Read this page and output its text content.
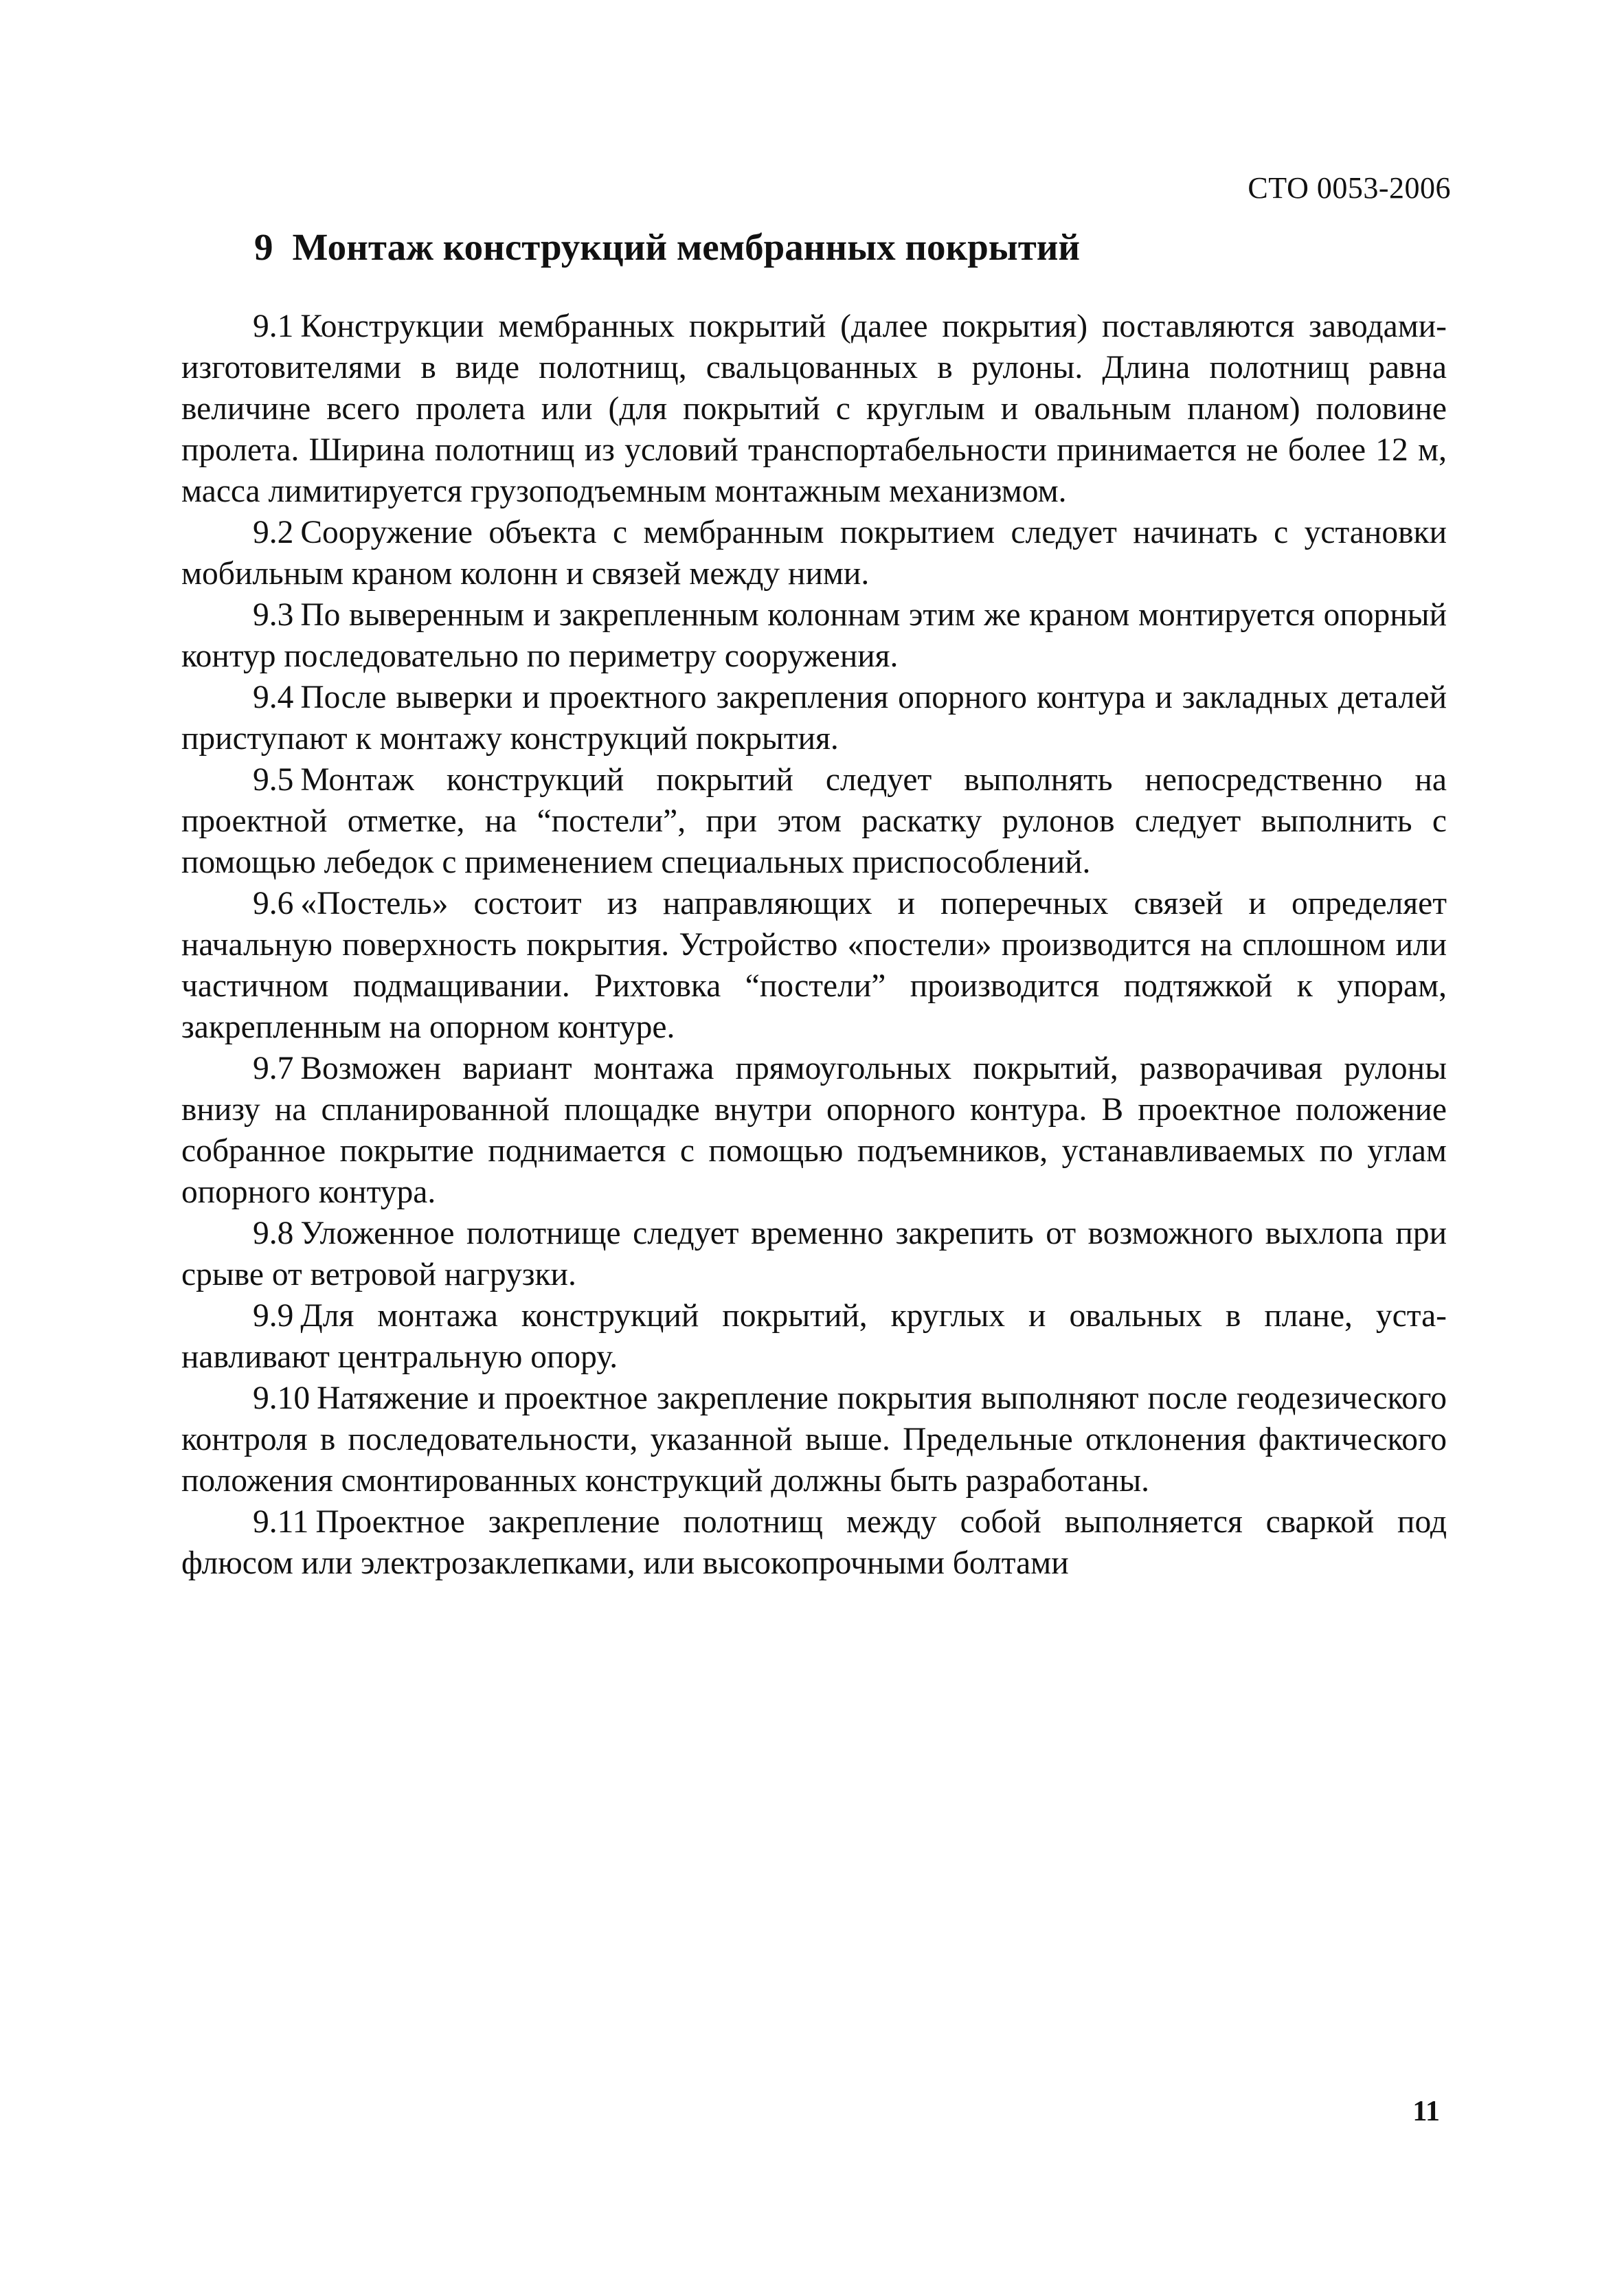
СТО 0053-2006
9 Монтаж конструкций мембранных покрытий

9.1 Конструкции мембранных покрытий (далее покрытия) поставляются заводами-изготовителями в виде полотнищ, свальцованных в рулоны. Длина полотнищ равна величине всего пролета или (для покрытий с круглым и овальным планом) половине пролета. Ширина полотнищ из условий транспортабельности принимается не более 12 м, масса лимитируется грузоподъемным монтажным механизмом.

9.2 Сооружение объекта с мембранным покрытием следует начинать с установки мобильным краном колонн и связей между ними.

9.3 По выверенным и закрепленным колоннам этим же краном монтируется опорный контур последовательно по периметру сооружения.

9.4 После выверки и проектного закрепления опорного контура и закладных деталей приступают к монтажу конструкций покрытия.

9.5 Монтаж конструкций покрытий следует выполнять непосредственно на проектной отметке, на “постели”, при этом раскатку рулонов следует выполнить с помощью лебедок с применением специальных приспособлений.

9.6 «Постель» состоит из направляющих и поперечных связей и определяет начальную поверхность покрытия. Устройство «постели» производится на сплошном или частичном подмащивании. Рихтовка “постели” производится подтяжкой к упорам, закрепленным на опорном контуре.

9.7 Возможен вариант монтажа прямоугольных покрытий, разворачивая рулоны внизу на спланированной площадке внутри опорного контура. В проектное положение собранное покрытие поднимается с помощью подъемников, устанавливаемых по углам опорного контура.

9.8 Уложенное полотнище следует временно закрепить от возможного выхлопа при срыве от ветровой нагрузки.

9.9 Для монтажа конструкций покрытий, круглых и овальных в плане, устанавливают центральную опору.

9.10 Натяжение и проектное закрепление покрытия выполняют после геодезического контроля в последовательности, указанной выше. Предельные отклонения фактического положения смонтированных конструкций должны быть разработаны.

9.11 Проектное закрепление полотнищ между собой выполняется сваркой под флюсом или электрозаклепками, или высокопрочными болтами

11
